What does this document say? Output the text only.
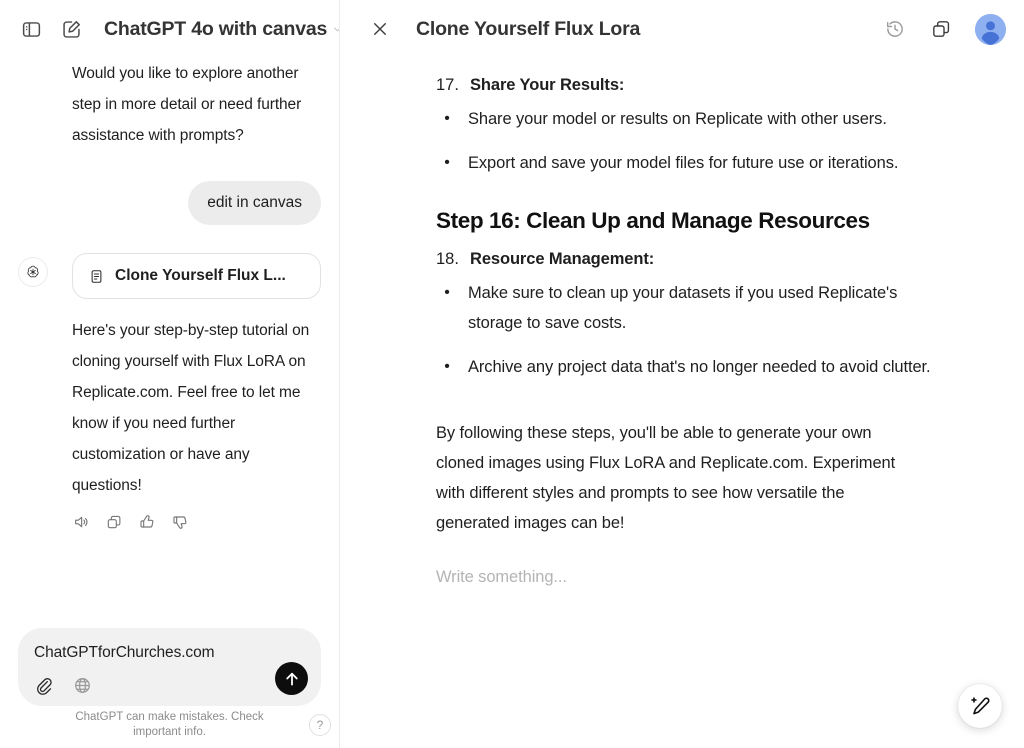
ChatGPT 4o with canvas
Would you like to explore another step in more detail or need further assistance with prompts?
edit in canvas
Clone Yourself Flux L...
Here's your step-by-step tutorial on cloning yourself with Flux LoRA on Replicate.com. Feel free to let me know if you need further customization or have any questions!
ChatGPTforChurches.com
ChatGPT can make mistakes. Check important info.	?
Clone Yourself Flux Lora
17. Share Your Results:
•	Share your model or results on Replicate with other users.
•	Export and save your model files for future use or iterations.
Step 16: Clean Up and Manage Resources
18. Resource Management:
•	Make sure to clean up your datasets if you used Replicate's storage to save costs.
•	Archive any project data that's no longer needed to avoid clutter.
By following these steps, you'll be able to generate your own cloned images using Flux LoRA and Replicate.com. Experiment with different styles and prompts to see how versatile the generated images can be!
Write something...
